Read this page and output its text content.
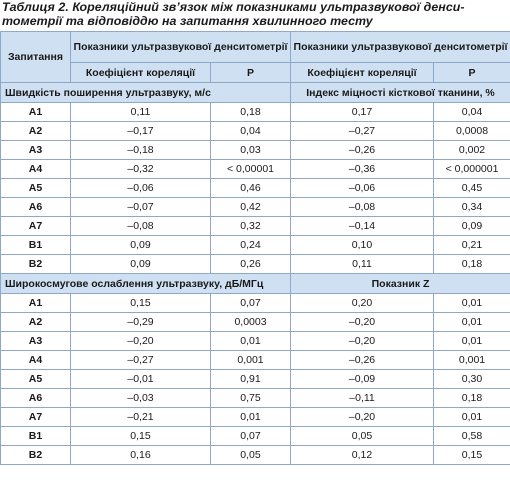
Таблиця 2. Кореляційний зв’язок між показниками ультразвукової денси-
тометрії та відповіддю на запитання хвилинного тесту
Запитання	Показники ультразвукової денситометрії		Показники ультразвукової денситометрії	
	Коефіцієнт кореляції	Р	Коефіцієнт кореляції	Р
Швидкість поширення ультразвуку, м/с			Індекс міцності кісткової тканини, %	
А1	0,11	0,18	0,17	0,04
А2	–0,17	0,04	–0,27	0,0008
А3	–0,18	0,03	–0,26	0,002
А4	–0,32	< 0,00001	–0,36	< 0,000001
А5	–0,06	0,46	–0,06	0,45
А6	–0,07	0,42	–0,08	0,34
А7	–0,08	0,32	–0,14	0,09
В1	0,09	0,24	0,10	0,21
В2	0,09	0,26	0,11	0,18
Широкосмугове ослаблення ультразвуку, дБ/МГц			Показник Z	
А1	0,15	0,07	0,20	0,01
А2	–0,29	0,0003	–0,20	0,01
А3	–0,20	0,01	–0,20	0,01
А4	–0,27	0,001	–0,26	0,001
А5	–0,01	0,91	–0,09	0,30
А6	–0,03	0,75	–0,11	0,18
А7	–0,21	0,01	–0,20	0,01
В1	0,15	0,07	0,05	0,58
В2	0,16	0,05	0,12	0,15
